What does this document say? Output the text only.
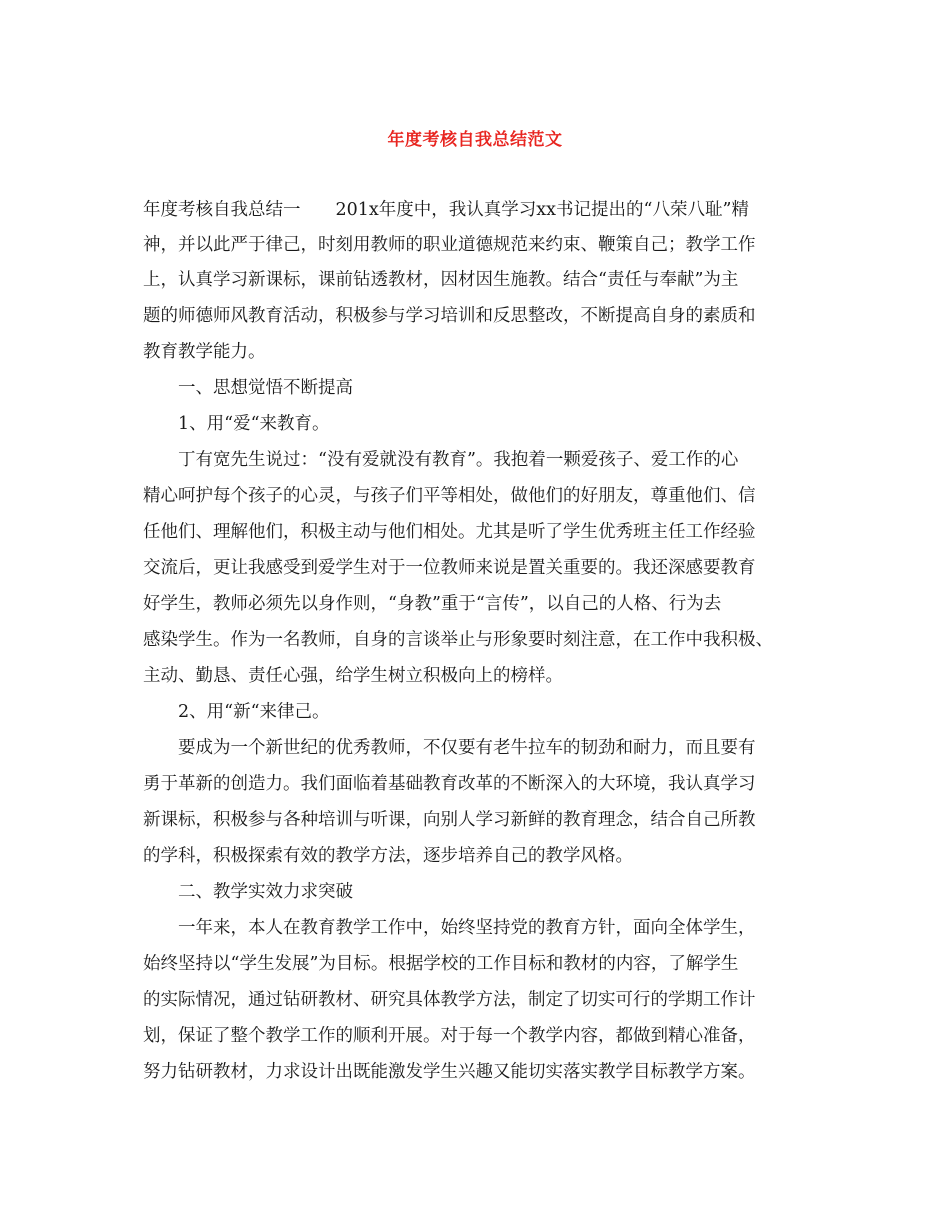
年度考核自我总结范文
年度考核自我总结一　　201x年度中，我认真学习xx书记提出的“八荣八耻”精
神，并以此严于律己，时刻用教师的职业道德规范来约束、鞭策自己；教学工作
上，认真学习新课标，课前钻透教材，因材因生施教。结合“责任与奉献”为主
题的师德师风教育活动，积极参与学习培训和反思整改，不断提高自身的素质和
教育教学能力。
一、思想觉悟不断提高
1、用“爱“来教育。
丁有宽先生说过：“没有爱就没有教育”。我抱着一颗爱孩子、爱工作的心
精心呵护每个孩子的心灵，与孩子们平等相处，做他们的好朋友，尊重他们、信
任他们、理解他们，积极主动与他们相处。尤其是听了学生优秀班主任工作经验
交流后，更让我感受到爱学生对于一位教师来说是置关重要的。我还深感要教育
好学生，教师必须先以身作则，“身教”重于“言传”，以自己的人格、行为去
感染学生。作为一名教师，自身的言谈举止与形象要时刻注意，在工作中我积极、
主动、勤恳、责任心强，给学生树立积极向上的榜样。
2、用“新“来律己。
要成为一个新世纪的优秀教师，不仅要有老牛拉车的韧劲和耐力，而且要有
勇于革新的创造力。我们面临着基础教育改革的不断深入的大环境，我认真学习
新课标，积极参与各种培训与听课，向别人学习新鲜的教育理念，结合自己所教
的学科，积极探索有效的教学方法，逐步培养自己的教学风格。
二、教学实效力求突破
一年来，本人在教育教学工作中，始终坚持党的教育方针，面向全体学生，
始终坚持以“学生发展”为目标。根据学校的工作目标和教材的内容，了解学生
的实际情况，通过钻研教材、研究具体教学方法，制定了切实可行的学期工作计
划，保证了整个教学工作的顺利开展。对于每一个教学内容，都做到精心准备，
努力钻研教材，力求设计出既能激发学生兴趣又能切实落实教学目标教学方案。
